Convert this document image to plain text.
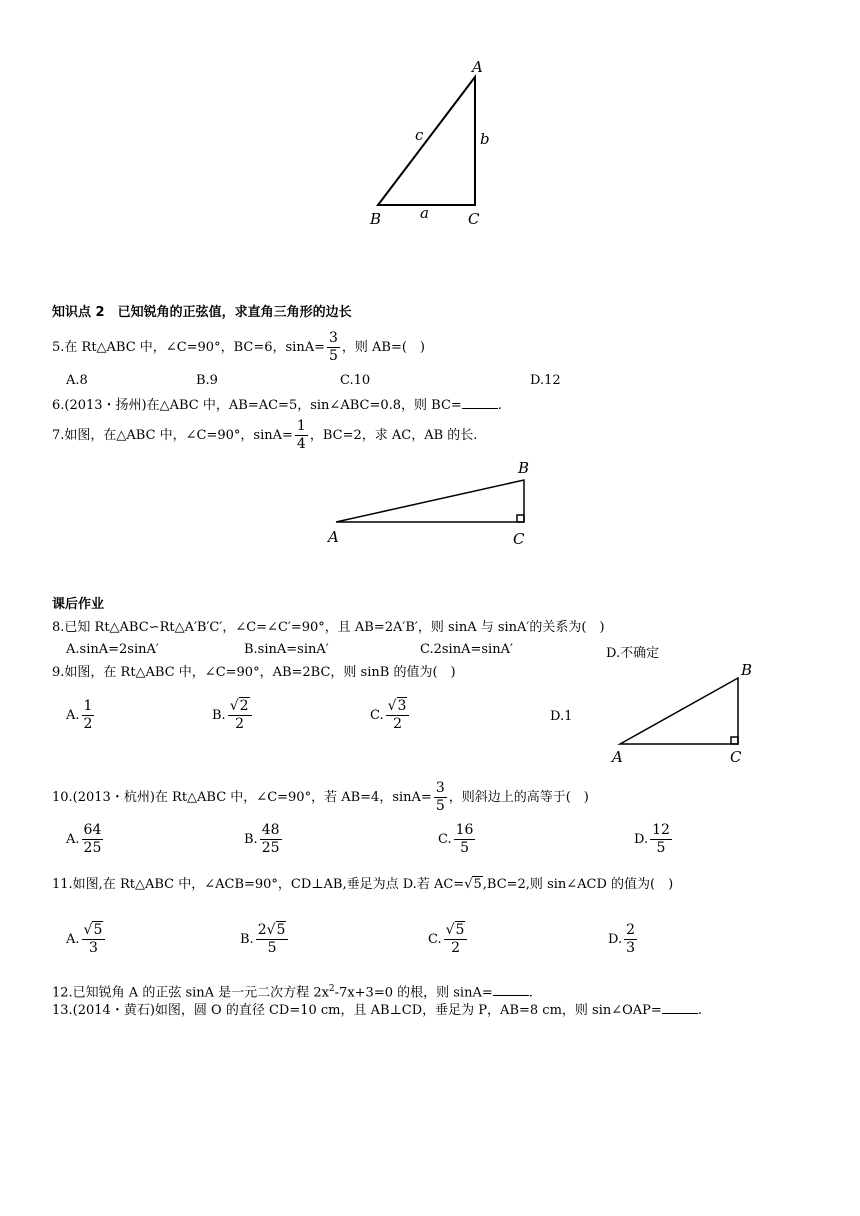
A
B	C
a
b
c
知识点 2　已知锐角的正弦值，求直角三角形的边长
5.在 Rt△ABC 中，∠C=90°，BC=6，$\sin A= \frac{3}{5}$ ，则 AB=(　)
A.8	B.9	C.10	D.12
6.(2013・扬州)在△ABC 中，AB=AC=5，sin∠ABC=0.8，则 BC=	.
7.如图，在△ABC 中，∠C=90°，$\sin A= \frac{1}{4}$ ，BC=2，求 AC，AB 的长.
B
A	C
课后作业
8.已知 Rt△ABC∽Rt△A′B′C′，∠C=∠C′=90°，且 AB=2A′B′，则 sinA 与 sinA′的关系为(　)
A.sinA=2sinA′	B.sinA=sinA′	C.2sinA=sinA′	D.不确定
9.如图，在 Rt△ABC 中，∠C=90°，AB=2BC，则 sinB 的值为(　)
A. $\frac{1}{2}$	B. $\frac{√2}{2}$	C. $\frac{√3}{2}$	D.1
B
A	C
10.(2013・杭州)在 Rt△ABC 中，∠C=90°，若 AB=4，$\sin A= \frac{3}{5}$ ，则斜边上的高等于(　)
A. $\frac{64}{25}$	B. $\frac{48}{25}$	C. $\frac{16}{5}$	D. $\frac{12}{5}$
11.如图,在 Rt△ABC 中，∠ACB=90°，CD⊥AB,垂足为点 D.若 AC=√5,BC=2,则 sin∠ACD 的值为(　)
A. $\frac{√5}{3}$	B. $\frac{2√5}{5}$	C. $\frac{√5}{2}$	D. $\frac{2}{3}$
12.已知锐角 A 的正弦 sinA 是一元二次方程 $2x^2-7x+3=0$ 的根，则 sinA=	.
13.(2014・黄石)如图，圆 O 的直径 CD=10 cm，且 AB⊥CD，垂足为 P，AB=8 cm，则 sin∠OAP=	.
